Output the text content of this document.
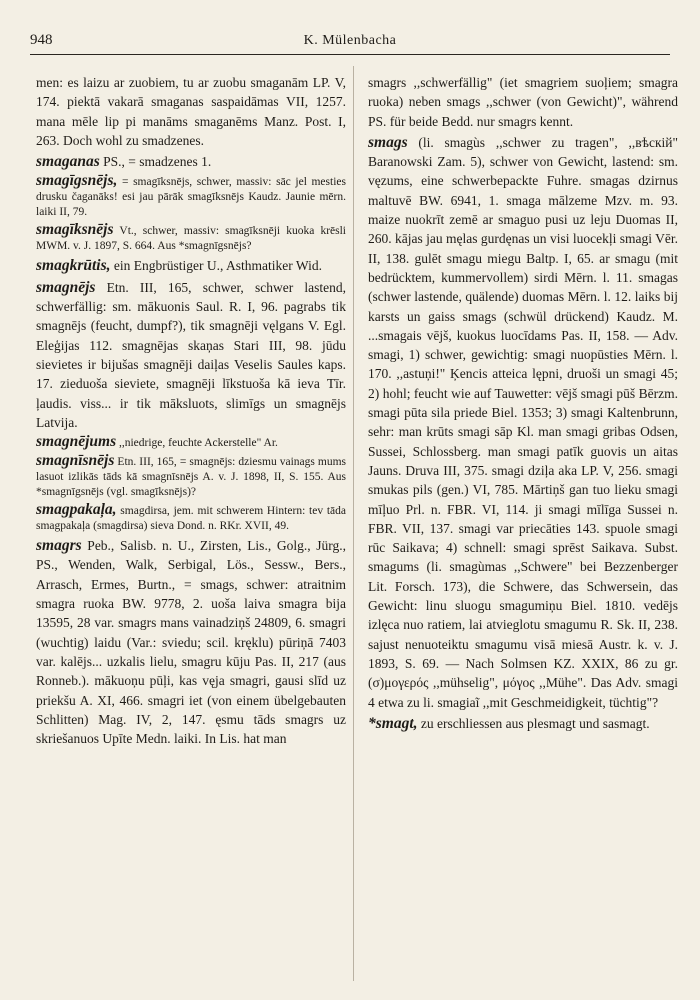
948	K. Mülenbacha
men: es laizu ar zuobiem, tu ar zuobu smaganām LP. V, 174. piektā vakarā smaganas saspaidāmas VII, 1257. mana mēle lip pi manāms smaganēms Manz. Post. I, 263. Doch wohl zu smadzenes.
smaganas PS., = smadzenes 1.
smagīgsnējs, = smagīksnējs, schwer, massiv: sāc jel mesties drusku čaganāks! esi jau pārāk smagīksnējs Kaudz. Jaunie mērn. laiki II, 79.
smagīksnējs Vt., schwer, massiv: smagīksnēji kuoka krēsli MWM. v. J. 1897, S. 664. Aus *smagnīgsnējs?
smagkrūtis, ein Engbrüstiger U., Asthmatiker Wid.
smagnējs Etn. III, 165, schwer, schwer lastend, schwerfällig: sm. mākuonis Saul. R. I, 96. pagrabs tik smagnējs (feucht, dumpf?), tik smagnēji vęlgans V. Egl. Eleģijas 112. smagnējas skaņas Stari III, 98. jūdu sievietes ir bijušas smagnēji daiļas Veselis Saules kaps. 17. zieduoša sieviete, smagnēji līkstuoša kā ieva Tīr. ļaudis. viss... ir tik māksluots, slimīgs un smagnējs Latvija.
smagnējums ,,niedrige, feuchte Ackerstelle" Ar.
smagnīsnējs Etn. III, 165, = smagnējs: dziesmu vainags mums lasuot izlikās tāds kā smagnīsnējs A. v. J. 1898, II, S. 155. Aus *smagnīgsnējs (vgl. smagīksnējs)?
smagpakaļa, smagdirsa, jem. mit schwerem Hintern: tev tāda smagpakaļa (smagdirsa) sieva Dond. n. RKr. XVII, 49.
smagrs Peb., Salisb. n. U., Zirsten, Lis., Golg., Jürg., PS., Wenden, Walk, Serbigal, Lös., Sessw., Bers., Arrasch, Ermes, Burtn., = smags, schwer: atraitnim smagra ruoka BW. 9778, 2. uoša laiva smagra bija 13595, 28 var. smagrs mans vainadziņš 24809, 6. smagri (wuchtig) laidu (Var.: sviedu; scil. kręklu) pūriņā 7403 var. kalējs... uzkalis lielu, smagru kūju Pas. II, 217 (aus Ronneb.). mākuoņu pūļi, kas vęja smagri, gausi slīd uz priekšu A. XI, 466. smagri iet (von einem übelgebauten Schlitten) Mag. IV, 2, 147. ęsmu tāds smagrs uz skriešanuos Upīte Medn. laiki. In Lis. hat man
smagrs ,,schwerfällig" (iet smagriem suoļiem; smagra ruoka) neben smags ,,schwer (von Gewicht)", während PS. für beide Bedd. nur smagrs kennt.
smags (li. smagùs ,,schwer zu tragen", ,,вѣскій" Baranowski Zam. 5), schwer von Gewicht, lastend: sm. vęzums, eine schwerbepackte Fuhre. smagas dzirnus maltuvē BW. 6941, 1. smaga mālzeme Mzv. m. 93. maize nuokrīt zemē ar smaguo pusi uz leju Duomas II, 260. kājas jau męlas gurdęnas un visi luocekļi smagi Vēr. II, 138. gulēt smagu miegu Baltp. I, 65. ar smagu (mit bedrücktem, kummervollem) sirdi Mērn. l. 11. smagas (schwer lastende, quälende) duomas Mērn. l. 12. laiks bij karsts un gaiss smags (schwül drückend) Kaudz. M. ...smagais vējš, kuokus luocīdams Pas. II, 158. — Adv. smagi, 1) schwer, gewichtig: smagi nuopūsties Mērn. l. 170. ,,astuņi!" Ķencis atteica lępni, druoši un smagi 45; 2) hohl; feucht wie auf Tauwetter: vējš smagi pūš Bērzm. smagi pūta sila priede Biel. 1353; 3) smagi Kaltenbrunn, sehr: man krūts smagi sāp Kl. man smagi gribas Odsen, Sussei, Schlossberg. man smagi patīk guovis un aitas Jauns. Druva III, 375. smagi dziļa aka LP. V, 256. smagi smukas pils (gen.) VI, 785. Mārtiņš gan tuo lieku smagi mīļuo Prl. n. FBR. VI, 114. ji smagi mīlīga Sussei n. FBR. VII, 137. smagi var priecāties 143. spuole smagi rūc Saikava; 4) schnell: smagi sprēst Saikava. Subst. smagums (li. smagùmas ,,Schwere" bei Bezzenberger Lit. Forsch. 173), die Schwere, das Schwersein, das Gewicht: linu sluogu smagumiņu Biel. 1810. vedējs izlęca nuo ratiem, lai atvieglotu smagumu R. Sk. II, 238. sajust nenuoteiktu smagumu visā miesā Austr. k. v. J. 1893, S. 69. — Nach Solmsen KZ. XXIX, 86 zu gr. (σ)μογερός ,,mühselig", μόγος ,,Mühe". Das Adv. smagi 4 etwa zu li. smagiaĩ ,,mit Geschmeidigkeit, tüchtig"?
*smagt, zu erschliessen aus plesmagt und sasmagt.
